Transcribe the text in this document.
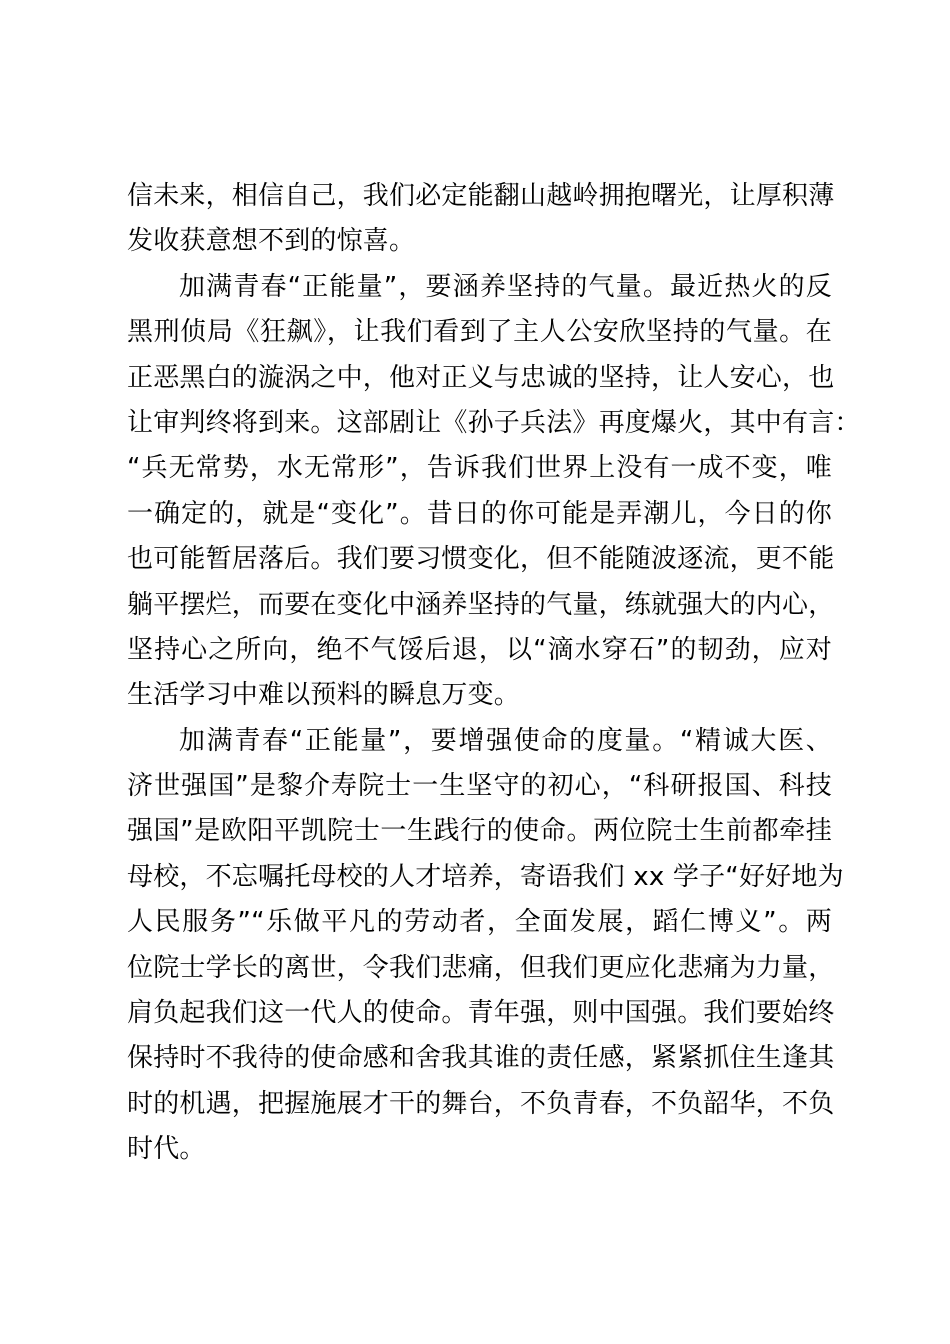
信未来，相信自己，我们必定能翻山越岭拥抱曙光，让厚积薄
发收获意想不到的惊喜。
加满青春“正能量”，要涵养坚持的气量。最近热火的反
黑刑侦局《狂飙》，让我们看到了主人公安欣坚持的气量。在
正恶黑白的漩涡之中，他对正义与忠诚的坚持，让人安心，也
让审判终将到来。这部剧让《孙子兵法》再度爆火，其中有言：
“兵无常势，水无常形”，告诉我们世界上没有一成不变，唯
一确定的，就是“变化”。昔日的你可能是弄潮儿，今日的你
也可能暂居落后。我们要习惯变化，但不能随波逐流，更不能
躺平摆烂，而要在变化中涵养坚持的气量，练就强大的内心，
坚持心之所向，绝不气馁后退，以“滴水穿石”的韧劲，应对
生活学习中难以预料的瞬息万变。
加满青春“正能量”，要增强使命的度量。“精诚大医、
济世强国”是黎介寿院士一生坚守的初心，“科研报国、科技
强国”是欧阳平凯院士一生践行的使命。两位院士生前都牵挂
母校，不忘嘱托母校的人才培养，寄语我们 xx 学子“好好地为
人民服务”“乐做平凡的劳动者，全面发展，蹈仁博义”。两
位院士学长的离世，令我们悲痛，但我们更应化悲痛为力量，
肩负起我们这一代人的使命。青年强，则中国强。我们要始终
保持时不我待的使命感和舍我其谁的责任感，紧紧抓住生逢其
时的机遇，把握施展才干的舞台，不负青春，不负韶华，不负
时代。
